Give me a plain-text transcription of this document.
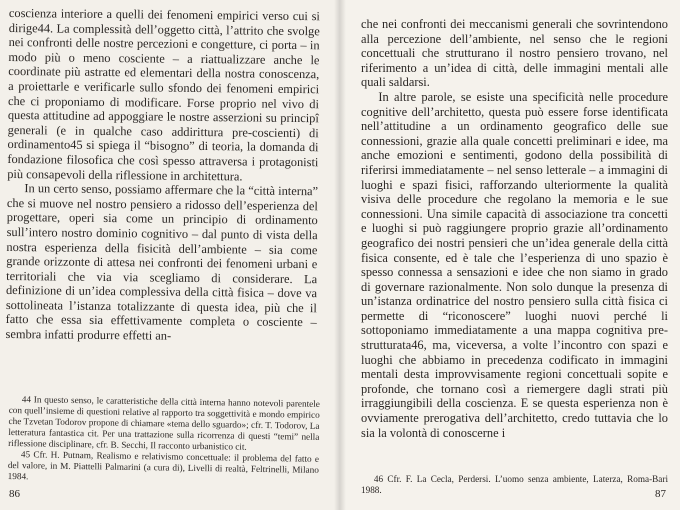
coscienza interiore a quelli dei fenomeni empirici verso cui si dirige44. La complessità dell’oggetto città, l’attrito che svolge nei confronti delle nostre percezioni e congetture, ci porta – in modo più o meno cosciente – a riattualizzare anche le coordinate più astratte ed elementari della nostra conoscenza, a proiettarle e verificarle sullo sfondo dei fenomeni empirici che ci proponiamo di modificare. Forse proprio nel vivo di questa attitudine ad appoggiare le nostre asserzioni su principî generali (e in qualche caso addirittura pre-coscienti) di ordinamento45 si spiega il “bisogno” di teoria, la domanda di fondazione filosofica che così spesso attraversa i protagonisti più consapevoli della riflessione in architettura.

In un certo senso, possiamo affermare che la “città interna” che si muove nel nostro pensiero a ridosso dell’esperienza del progettare, operi sia come un principio di ordinamento sull’intero nostro dominio cognitivo – dal punto di vista della nostra esperienza della fisicità dell’ambiente – sia come grande orizzonte di attesa nei confronti dei fenomeni urbani e territoriali che via via scegliamo di considerare. La definizione di un’idea complessiva della città fisica – dove va sottolineata l’istanza totalizzante di questa idea, più che il fatto che essa sia effettivamente completa o cosciente – sembra infatti produrre effetti an-

44 In questo senso, le caratteristiche della città interna hanno notevoli parentele con quell’insieme di questioni relative al rapporto tra soggettività e mondo empirico che Tzvetan Todorov propone di chiamare «tema dello sguardo»; cfr. T. Todorov, La letteratura fantastica cit. Per una trattazione sulla ricorrenza di questi “temi” nella riflessione disciplinare, cfr. B. Secchi, Il racconto urbanistico cit.

45 Cfr. H. Putnam, Realismo e relativismo concettuale: il problema del fatto e del valore, in M. Piattelli Palmarini (a cura di), Livelli di realtà, Feltrinelli, Milano 1984.

86

che nei confronti dei meccanismi generali che sovrintendono alla percezione dell’ambiente, nel senso che le regioni concettuali che strutturano il nostro pensiero trovano, nel riferimento a un’idea di città, delle immagini mentali alle quali saldarsi.

In altre parole, se esiste una specificità nelle procedure cognitive dell’architetto, questa può essere forse identificata nell’attitudine a un ordinamento geografico delle sue connessioni, grazie alla quale concetti preliminari e idee, ma anche emozioni e sentimenti, godono della possibilità di riferirsi immediatamente – nel senso letterale – a immagini di luoghi e spazi fisici, rafforzando ulteriormente la qualità visiva delle procedure che regolano la memoria e le sue connessioni. Una simile capacità di associazione tra concetti e luoghi si può raggiungere proprio grazie all’ordinamento geografico dei nostri pensieri che un’idea generale della città fisica consente, ed è tale che l’esperienza di uno spazio è spesso connessa a sensazioni e idee che non siamo in grado di governare razionalmente. Non solo dunque la presenza di un’istanza ordinatrice del nostro pensiero sulla città fisica ci permette di “riconoscere” luoghi nuovi perché li sottoponiamo immediatamente a una mappa cognitiva pre-strutturata46, ma, viceversa, a volte l’incontro con spazi e luoghi che abbiamo in precedenza codificato in immagini mentali desta improvvisamente regioni concettuali sopite e profonde, che tornano così a riemergere dagli strati più irraggiungibili della coscienza. E se questa esperienza non è ovviamente prerogativa dell’architetto, credo tuttavia che lo sia la volontà di conoscerne i

46 Cfr. F. La Cecla, Perdersi. L’uomo senza ambiente, Laterza, Roma-Bari 1988.	87
